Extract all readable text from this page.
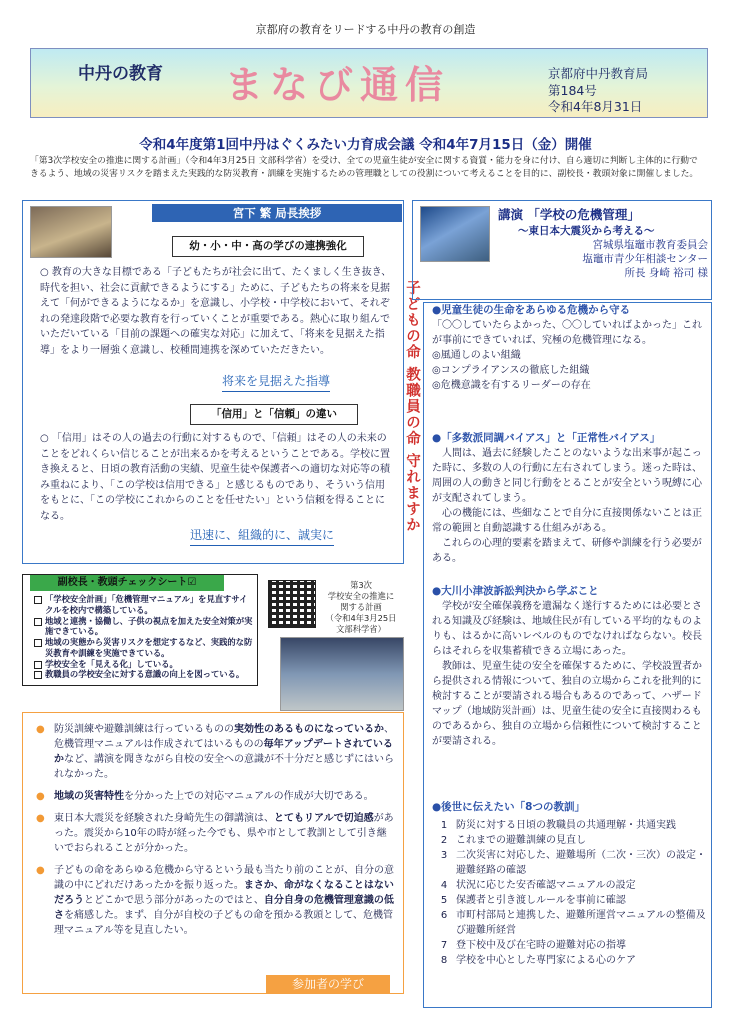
京都府の教育をリードする中丹の教育の創造
中丹の教育 まなび通信	京都府中丹教育局
第184号
令和4年8月31日
令和4年度第1回中丹はぐくみたい力育成会議 令和4年7月15日（金）開催
「第3次学校安全の推進に関する計画」（令和4年3月25日 文部科学省）を受け、全ての児童生徒が安全に関する資質・能力を身に付け、自ら適切に判断し主体的に行動できるよう、地域の災害リスクを踏まえた実践的な防災教育・訓練を実施するための管理職としての役割について考えることを目的に、副校長・教頭対象に開催しました。
宮下 繁 局長挨拶
幼・小・中・高の学びの連携強化
○ 教育の大きな目標である「子どもたちが社会に出て、たくましく生き抜き、時代を担い、社会に貢献できるようにする」ために、子どもたちの将来を見据えて「何ができるようになるか」を意識し、小学校・中学校において、それぞれの発達段階で必要な教育を行っていくことが重要である。熱心に取り組んでいただいている「目前の課題への確実な対応」に加えて、「将来を見据えた指導」をより一層強く意識し、校種間連携を深めていただきたい。
将来を見据えた指導
「信用」と「信頼」の違い
○ 「信用」はその人の過去の行動に対するもので、「信頼」はその人の未来のことをどれくらい信じることが出来るかを考えるということである。学校に置き換えると、日頃の教育活動の実績、児童生徒や保護者への適切な対応等の積み重ねにより、「この学校は信用できる」と感じるものであり、そういう信用をもとに、「この学校にこれからのことを任せたい」という信頼を得ることになる。
迅速に、組織的に、誠実に
子どもの命 教職員の命 守れますか
講演 「学校の危機管理」
～東日本大震災から考える～
宮城県塩竈市教育委員会
塩竈市青少年相談センター
所長 身崎 裕司 様
●児童生徒の生命をあらゆる危機から守る
「〇〇していたらよかった、〇〇していればよかった」これが事前にできていれば、究極の危機管理になる。
◎風通しのよい組織
◎コンプライアンスの徹底した組織
◎危機意識を有するリーダーの存在
●「多数派同調バイアス」と「正常性バイアス」
　人間は、過去に経験したことのないような出来事が起こった時に、多数の人の行動に左右されてしまう。迷った時は、周囲の人の動きと同じ行動をとることが安全という呪縛に心が支配されてしまう。
　心の機能には、些細なことで自分に直接関係ないことは正常の範囲と自動認識する仕組みがある。
　これらの心理的要素を踏まえて、研修や訓練を行う必要がある。
●大川小津波訴訟判決から学ぶこと
　学校が安全確保義務を遺漏なく遂行するためには必要とされる知識及び経験は、地域住民が有している平均的なものよりも、はるかに高いレベルのものでなければならない。校長らはそれらを収集蓄積できる立場にあった。
　教師は、児童生徒の安全を確保するために、学校設置者から提供される情報について、独自の立場からこれを批判的に検討することが要請される場合もあるのであって、ハザードマップ（地域防災計画）は、児童生徒の安全に直接関わるものであるから、独自の立場から信頼性について検討することが要請される。
●後世に伝えたい「8つの教訓」
1 防災に対する日頃の教職員の共通理解・共通実践
2 これまでの避難訓練の見直し
3 二次災害に対応した、避難場所（二次・三次）の設定・避難経路の確認
4 状況に応じた安否確認マニュアルの設定
5 保護者と引き渡しルールを事前に確認
6 市町村部局と連携した、避難所運営マニュアルの整備及び避難所経営
7 登下校中及び在宅時の避難対応の指導
8 学校を中心とした専門家による心のケア
副校長・教頭チェックシート☑
「学校安全計画」「危機管理マニュアル」を見直すサイクルを校内で構築している。
地域と連携・協働し、子供の視点を加えた安全対策が実施できている。
地域の実態から災害リスクを想定するなど、実践的な防災教育や訓練を実施できている。
学校安全を「見える化」している。
教職員の学校安全に対する意識の向上を図っている。
第3次
学校安全の推進に
関する計画
（令和4年3月25日
文部科学省）
● 防災訓練や避難訓練は行っているものの実効性のあるものになっているか、危機管理マニュアルは作成されてはいるものの毎年アップデートされているかなど、講演を聞きながら自校の安全への意識が不十分だと感じずにはいられなかった。
● 地域の災害特性を分かった上での対応マニュアルの作成が大切である。
● 東日本大震災を経験された身崎先生の御講演は、とてもリアルで切迫感があった。震災から10年の時が経った今でも、県や市として教訓として引き継いでおられることが分かった。
● 子どもの命をあらゆる危機から守るという最も当たり前のことが、自分の意識の中にどれだけあったかを振り返った。まさか、命がなくなることはないだろうとどこかで思う部分があったのではと、自分自身の危機管理意識の低さを痛感した。まず、自分が自校の子どもの命を預かる教頭として、危機管理マニュアル等を見直したい。
参加者の学び
